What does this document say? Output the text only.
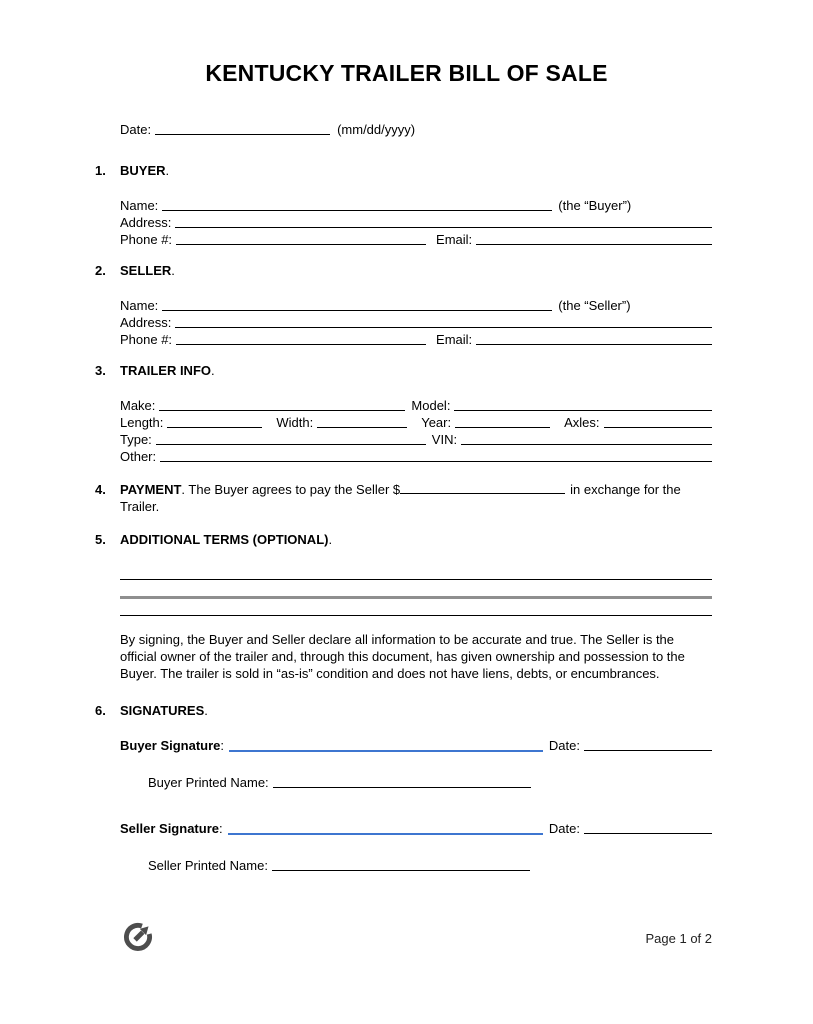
KENTUCKY TRAILER BILL OF SALE
Date:	(mm/dd/yyyy)
1. BUYER.
Name:	(the “Buyer”)
Address:
Phone #:	Email:
2. SELLER.
Name:	(the “Seller”)
Address:
Phone #:	Email:
3. TRAILER INFO.
Make:	Model:
Length:	Width:	Year:	Axles:
Type:	VIN:
Other:
4. PAYMENT. The Buyer agrees to pay the Seller $	in exchange for the Trailer.
5. ADDITIONAL TERMS (OPTIONAL).
By signing, the Buyer and Seller declare all information to be accurate and true. The Seller is the official owner of the trailer and, through this document, has given ownership and possession to the Buyer. The trailer is sold in “as-is” condition and does not have liens, debts, or encumbrances.
6. SIGNATURES.
Buyer Signature :	Date:
Buyer Printed Name:
Seller Signature :	Date:
Seller Printed Name:
Page 1 of 2
